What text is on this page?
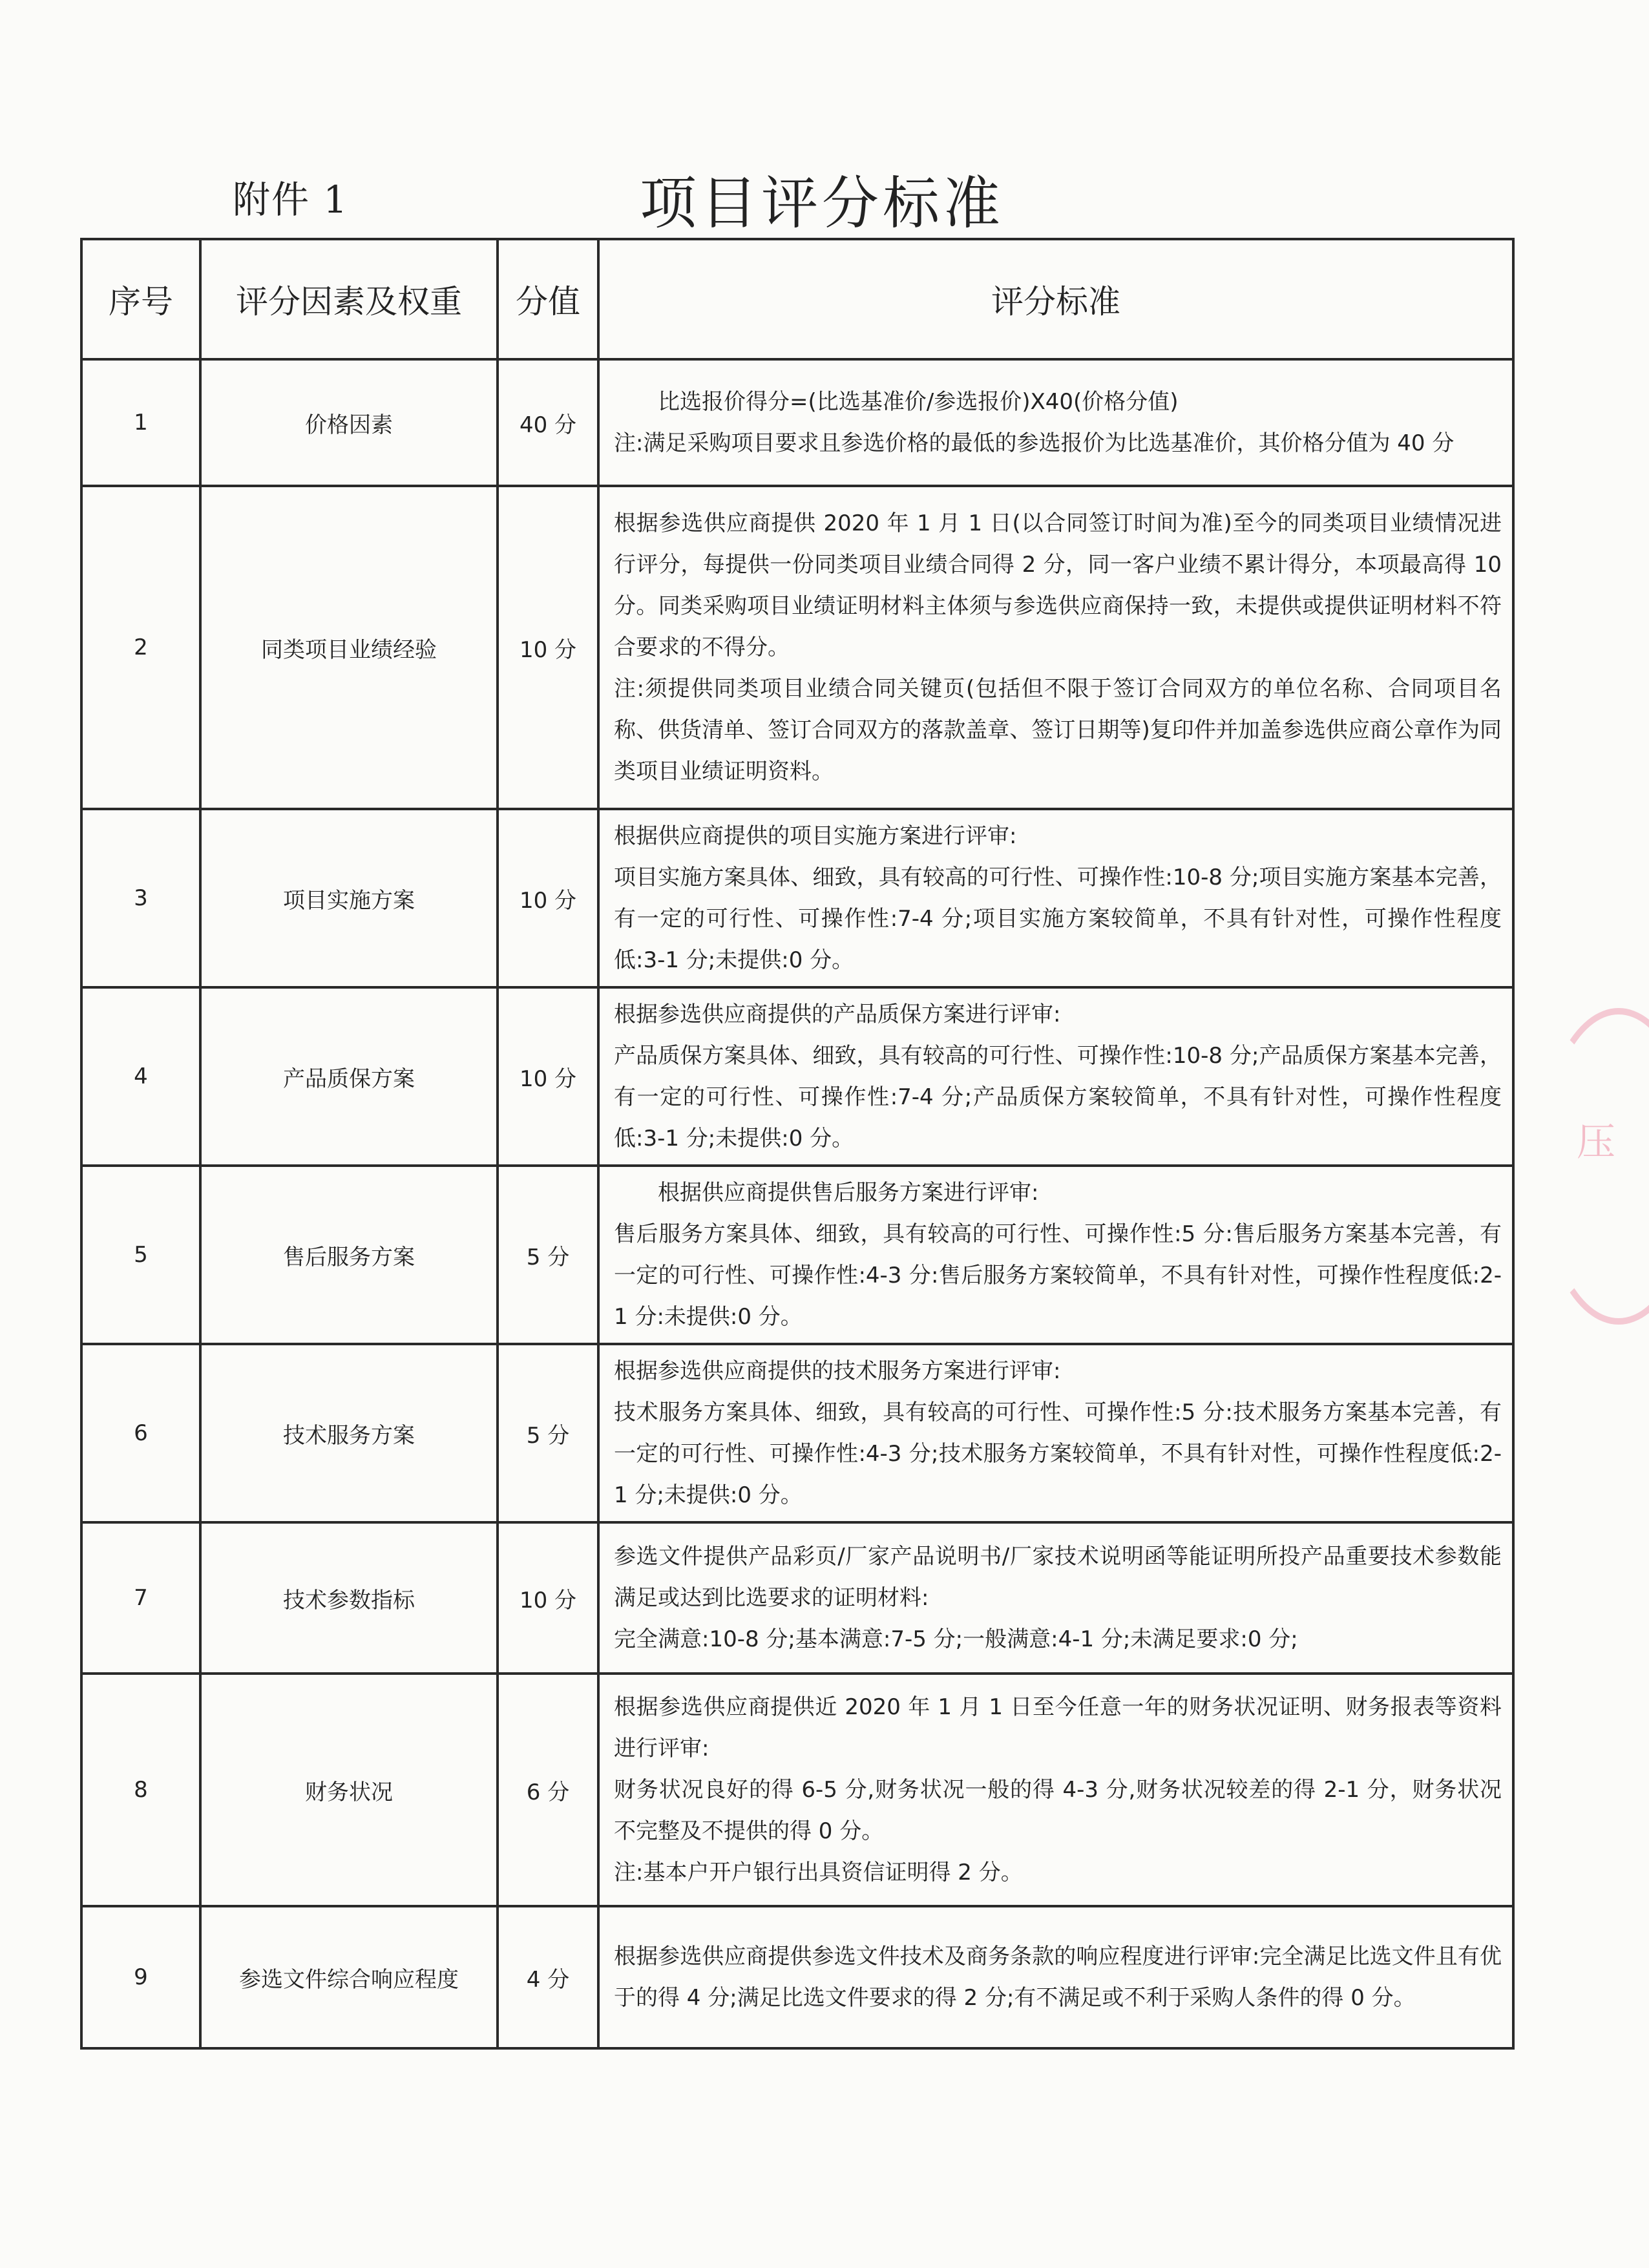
附件 1	项目评分标准
序号	评分因素及权重	分值	评分标准
1	价格因素	40 分	比选报价得分=(比选基准价/参选报价)X40(价格分值)
注:满足采购项目要求且参选价格的最低的参选报价为比选基准价，其价格分值为 40 分

2	同类项目业绩经验	10 分	根据参选供应商提供 2020 年 1 月 1 日(以合同签订时间为准)至今的同类项目业绩情况进行评分，每提供一份同类项目业绩合同得 2 分，同一客户业绩不累计得分，本项最高得 10 分。同类采购项目业绩证明材料主体须与参选供应商保持一致，未提供或提供证明材料不符合要求的不得分。
注:须提供同类项目业绩合同关键页(包括但不限于签订合同双方的单位名称、合同项目名称、供货清单、签订合同双方的落款盖章、签订日期等)复印件并加盖参选供应商公章作为同类项目业绩证明资料。

3	项目实施方案	10 分	根据供应商提供的项目实施方案进行评审:
项目实施方案具体、细致，具有较高的可行性、可操作性:10-8 分;项目实施方案基本完善，有一定的可行性、可操作性:7-4 分;项目实施方案较简单，不具有针对性，可操作性程度低:3-1 分;未提供:0 分。

4	产品质保方案	10 分	根据参选供应商提供的产品质保方案进行评审:
产品质保方案具体、细致，具有较高的可行性、可操作性:10-8 分;产品质保方案基本完善，有一定的可行性、可操作性:7-4 分;产品质保方案较简单，不具有针对性，可操作性程度低:3-1 分;未提供:0 分。

5	售后服务方案	5 分	根据供应商提供售后服务方案进行评审:
售后服务方案具体、细致，具有较高的可行性、可操作性:5 分:售后服务方案基本完善，有一定的可行性、可操作性:4-3 分:售后服务方案较简单，不具有针对性，可操作性程度低:2-1 分:未提供:0 分。

6	技术服务方案	5 分	根据参选供应商提供的技术服务方案进行评审:
技术服务方案具体、细致，具有较高的可行性、可操作性:5 分:技术服务方案基本完善，有一定的可行性、可操作性:4-3 分;技术服务方案较简单，不具有针对性，可操作性程度低:2-1 分;未提供:0 分。

7	技术参数指标	10 分	参选文件提供产品彩页/厂家产品说明书/厂家技术说明函等能证明所投产品重要技术参数能满足或达到比选要求的证明材料:
完全满意:10-8 分;基本满意:7-5 分;一般满意:4-1 分;未满足要求:0 分;

8	财务状况	6 分	根据参选供应商提供近 2020 年 1 月 1 日至今任意一年的财务状况证明、财务报表等资料进行评审:
财务状况良好的得 6-5 分,财务状况一般的得 4-3 分,财务状况较差的得 2-1 分，财务状况不完整及不提供的得 0 分。
注:基本户开户银行出具资信证明得 2 分。

9	参选文件综合响应程度	4 分	根据参选供应商提供参选文件技术及商务条款的响应程度进行评审:完全满足比选文件且有优于的得 4 分;满足比选文件要求的得 2 分;有不满足或不利于采购人条件的得 0 分。
压
